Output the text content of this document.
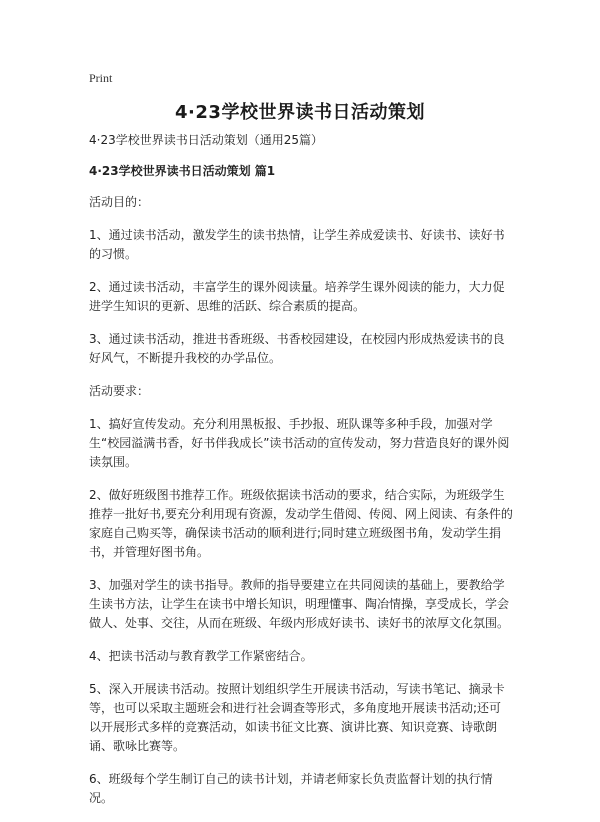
Print
4·23学校世界读书日活动策划

4·23学校世界读书日活动策划（通用25篇）

4·23学校世界读书日活动策划 篇1

活动目的：

1、通过读书活动，激发学生的读书热情，让学生养成爱读书、好读书、读好书的习惯。

2、通过读书活动，丰富学生的课外阅读量。培养学生课外阅读的能力，大力促进学生知识的更新、思维的活跃、综合素质的提高。

3、通过读书活动，推进书香班级、书香校园建设，在校园内形成热爱读书的良好风气，不断提升我校的办学品位。

活动要求：

1、搞好宣传发动。充分利用黑板报、手抄报、班队课等多种手段，加强对学生“校园溢满书香，好书伴我成长”读书活动的宣传发动，努力营造良好的课外阅读氛围。

2、做好班级图书推荐工作。班级依据读书活动的要求，结合实际，为班级学生推荐一批好书,要充分利用现有资源，发动学生借阅、传阅、网上阅读、有条件的家庭自己购买等，确保读书活动的顺利进行;同时建立班级图书角，发动学生捐书，并管理好图书角。

3、加强对学生的读书指导。教师的指导要建立在共同阅读的基础上，要教给学生读书方法，让学生在读书中增长知识，明理懂事、陶冶情操，享受成长，学会做人、处事、交往，从而在班级、年级内形成好读书、读好书的浓厚文化氛围。

4、把读书活动与教育教学工作紧密结合。

5、深入开展读书活动。按照计划组织学生开展读书活动，写读书笔记、摘录卡等，也可以采取主题班会和进行社会调查等形式，多角度地开展读书活动;还可以开展形式多样的竞赛活动，如读书征文比赛、演讲比赛、知识竞赛、诗歌朗诵、歌咏比赛等。

6、班级每个学生制订自己的读书计划，并请老师家长负责监督计划的执行情况。
